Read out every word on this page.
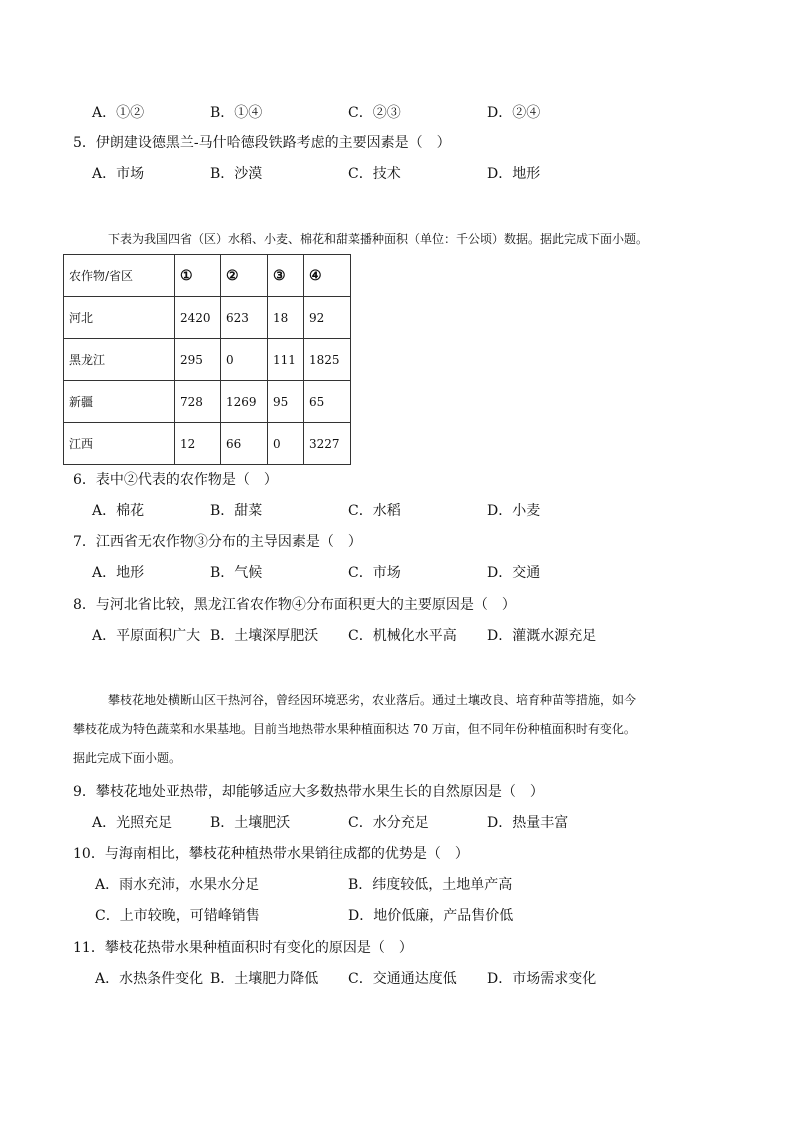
A．①②	B．①④	C．②③	D．②④
5．伊朗建设德黑兰-马什哈德段铁路考虑的主要因素是（　）
A．市场	B．沙漠	C．技术	D．地形
下表为我国四省（区）水稻、小麦、棉花和甜菜播种面积（单位：千公顷）数据。据此完成下面小题。
农作物/省区	①	②	③	④
河北	2420	623	18	92
黑龙江	295	0	111	1825
新疆	728	1269	95	65
江西	12	66	0	3227
6．表中②代表的农作物是（　）
A．棉花	B．甜菜	C．水稻	D．小麦
7．江西省无农作物③分布的主导因素是（　）
A．地形	B．气候	C．市场	D．交通
8．与河北省比较，黑龙江省农作物④分布面积更大的主要原因是（　）
A．平原面积广大 B．土壤深厚肥沃 C．机械化水平高 D．灌溉水源充足
攀枝花地处横断山区干热河谷，曾经因环境恶劣，农业落后。通过土壤改良、培育种苗等措施，如今
攀枝花成为特色蔬菜和水果基地。目前当地热带水果种植面积达 70 万亩，但不同年份种植面积时有变化。
据此完成下面小题。
9．攀枝花地处亚热带，却能够适应大多数热带水果生长的自然原因是（　）
A．光照充足	B．土壤肥沃	C．水分充足	D．热量丰富
10．与海南相比，攀枝花种植热带水果销往成都的优势是（　）
A．雨水充沛，水果水分足	B．纬度较低，土地单产高
C．上市较晚，可错峰销售	D．地价低廉，产品售价低
11．攀枝花热带水果种植面积时有变化的原因是（　）
A．水热条件变化 B．土壤肥力降低 C．交通通达度低 D．市场需求变化
